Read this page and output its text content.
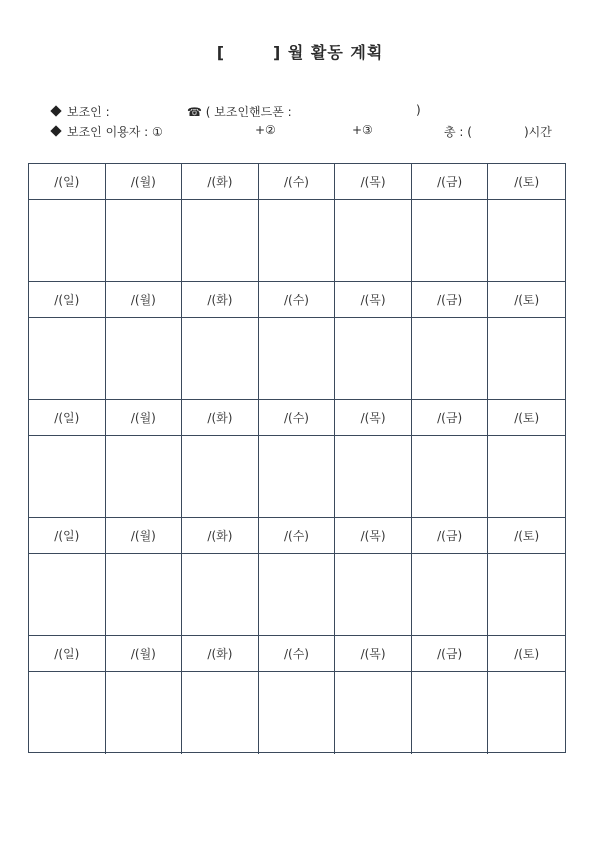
[	] 월 활동 계획
보조인 :	☎ ( 보조인핸드폰 :	)
보조인 이용자 : ①	+②	+③	총 : (	)시간
/(일)	/(월)	/(화)	/(수)	/(목)	/(금)	/(토)
/(일)	/(월)	/(화)	/(수)	/(목)	/(금)	/(토)
/(일)	/(월)	/(화)	/(수)	/(목)	/(금)	/(토)
/(일)	/(월)	/(화)	/(수)	/(목)	/(금)	/(토)
/(일)	/(월)	/(화)	/(수)	/(목)	/(금)	/(토)
